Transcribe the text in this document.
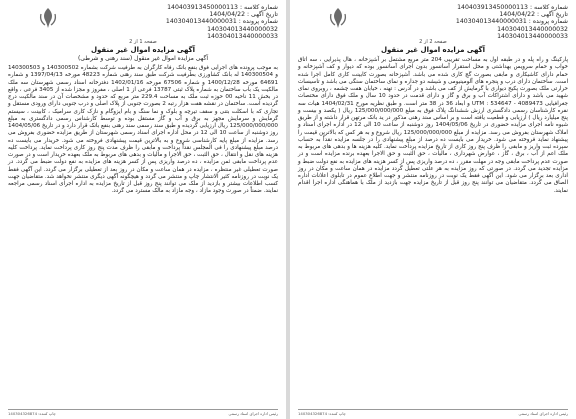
شماره کلاسه : 140403913450000113
تاریخ آگهی : 1404/04/22
شماره پرونده : 140304013440000031
140304013440000032
140304013440000033
صفحه 1 از 2
آگهی مزایده اموال غیر منقول
آگهی مزایده اموال غیر منقول (سند رهنی و شرطی)
به موجب پرونده های اجرایی فوق بنفع بانک رفاه کارگران به طرفیت شرکت بشماره 140300502 و 140300503 و 140300504 له بانک کشاورزی بطرفیت شرکت طبق سند رهنی شماره 48223 مورخه 1397/04/13 و شماره 64691 مورخه 1400/12/28 و شماره 67506 مورخه 1402/01/16 دفترخانه اسناد رسمی شهرستان سه ملک مالکیت یک باب ساختمان به شماره پلاک ثبتی 13787 فرعی از 1 اصلی ، مفروز و مجزا شده از 3405 فرعی ، واقع در بخش 11 ناحیه 00 حوزه ثبت ملک به مساحت 229.4 متر مربع که حدود و مشخصات آن در سند مالکیت درج گردیده است. ساختمان در نقشه هفت هزار رتبه 2 بصورت جنوبی از پلاک اصلی و درب جنوبی دارای ورودی مستقل و تجاری که با اسکلت بتنی و سقف تیرچه و بلوک و نما سنگ و بام ایزوگام و نازک کاری سرامیک ، کابینت ، سیستم گرمایش و سرمایش مجهز به برق و آب و گاز مستقل بوده و توسط کارشناس رسمی دادگستری به مبلغ 125/000/000/000 ریال ارزیابی گردیده و طبق سند رسمی سند رهنی بنفع بانک قرار دارد و در تاریخ 1404/05/06 روز دوشنبه از ساعت 10 الی 12 در محل اداره اجرای اسناد رسمی شهرستان از طریق مزایده حضوری بفروش می رسد. مزایده از مبلغ پایه کارشناسی شروع و به بالاترین قیمت پیشنهادی فروخته می شود. خریدار می بایست ده درصد مبلغ پیشنهادی را فی المجلس نقداً پرداخت و مابقی را ظرف مدت پنج روز کاری پرداخت نماید. پرداخت کلیه هزینه های نقل و انتقال ، حق الثبت ، حق الاجرا و مالیات و بدهی های مربوط به ملک بعهده خریدار است و در صورت عدم پرداخت مابقی ثمن مزایده ، ده درصد واریزی پس از کسر هزینه های مزایده به نفع دولت ضبط می گردد. در صورت تعطیلی غیر منتظره ، مزایده در همان ساعت و مکان در روز بعد از تعطیلی برگزار می گردد. این آگهی فقط یک نوبت در روزنامه کثیر الانتشار چاپ و منتشر می گردد و هیچگونه آگهی دیگری منتشر نخواهد شد. متقاضیان جهت کسب اطلاعات بیشتر و بازدید از ملک می توانند پنج روز قبل از تاریخ مزایده به اداره اجرای اسناد رسمی مراجعه نمایند. ضمناً در صورت وجود مازاد ، وجه مازاد به مالک مسترد می گردد.
رئیس اداره اجرای اسناد رسمی
چاپ کننده: 140304326874
شماره کلاسه : 140403913450000113
تاریخ آگهی : 1404/04/22
شماره پرونده : 140304013440000031
140304013440000032
140304013440000033
صفحه 2 از 2
آگهی مزایده اموال غیر منقول
پارکینگ و راه پله و در طبقه اول به مساحت تقریبی 204 متر مربع مشتمل بر آشپزخانه ، هال پذیرایی ، سه اتاق خواب و حمام سرویس بهداشتی و محل استقرار آسانسور بدون اجرای آسانسور بوده که دیوار و کف آشپزخانه و حمام دارای کاشیکاری و مابقی بصورت گچ کاری شده می باشد. آشپزخانه بصورت کابینت کاری کامل اجرا شده است. ساختمان دارای درب و پنجره های آلومینیومی و شیشه دو جداره و نمای ساختمان سنگی می باشد و تاسیسات حرارتی ملک بصورت پکیج دیواری با گرمایش از کف می باشد و در آدرس : تهنه ، خیابان هفت چشمه ، روبروی نمای شهید می باشد و دارای اشتراکات آب و برق و گاز و دارای قدمت در حدود 10 سال و ملک فوق دارای مختصات جغرافیایی UTM : 534647 - 4089473 و ابعاد 36 در 38 متر است. و طبق نظریه مورخ 1404/02/31 هیات سه نفره کارشناسان رسمی دادگستری ارزش ششدانگ پلاک فوق به مبلغ 125/000/000/000 ریال ( یکصد و بیست و پنج میلیارد ریال ) ارزیابی و قطعیت یافته است و بر اساس سند رهنی مذکور در ید بانک مرتهن قرار داشته و از طریق شیوه نامه اجرای مزایده حضوری در تاریخ 1404/05/06 روز دوشنبه از ساعت 10 الی 12 در اداره اجرای اسناد و املاک شهرستان بفروش می رسد. مزایده از مبلغ 125/000/000/000 ریال شروع و به هر کس که بالاترین قیمت را پیشنهاد نماید فروخته می شود. خریدار می بایست ده درصد از مبلغ پیشنهادی را در جلسه مزایده نقداً به حساب سپرده ثبت واریز و مابقی را ظرف پنج روز کاری از تاریخ مزایده پرداخت نماید. کلیه هزینه ها و بدهی های مربوط به ملک اعم از آب ، برق ، گاز ، عوارض شهرداری ، مالیات ، حق الثبت و حق الاجرا بعهده برنده مزایده است و در صورت عدم پرداخت مابقی وجه در مهلت مقرر ، ده درصد واریزی پس از کسر هزینه های مزایده به نفع دولت ضبط و مزایده تجدید می گردد. در صورتی که روز مزایده به هر علتی تعطیل گردد مزایده در همان ساعت و مکان در روز اداری بعد برگزار می شود. این آگهی فقط یک نوبت در روزنامه منتشر و جهت اطلاع عموم در تابلوی اعلانات اداره الصاق می گردد. متقاضیان می توانند پنج روز قبل از تاریخ مزایده جهت بازدید از ملک با هماهنگی اداره اجرا اقدام نمایند.
رئیس اداره اجرای اسناد رسمی
چاپ کننده: 140304326874
